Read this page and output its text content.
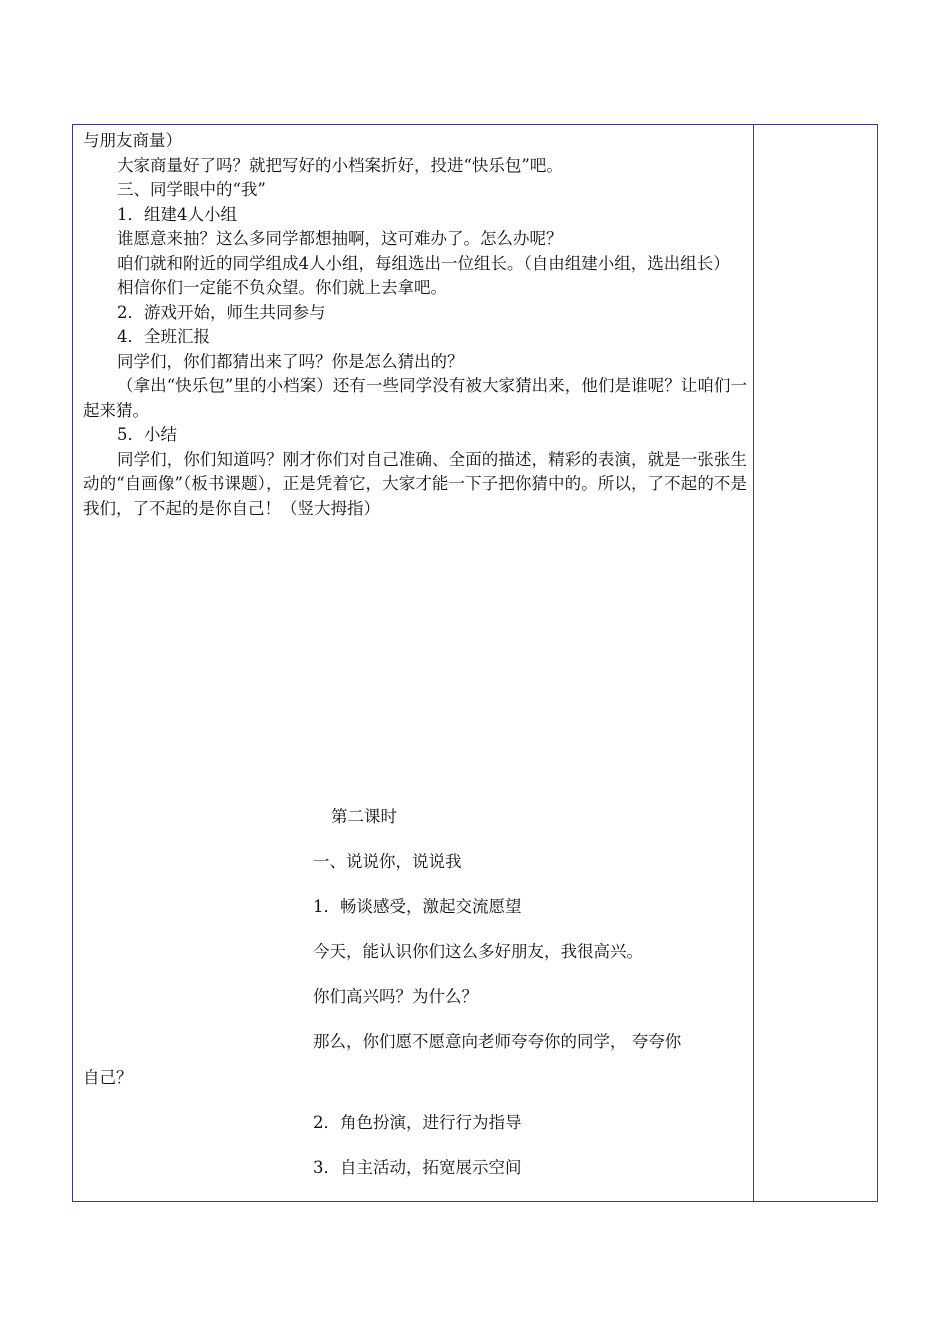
与朋友商量）
大家商量好了吗？就把写好的小档案折好，投进“快乐包”吧。
三、同学眼中的“我”
1．组建4人小组
谁愿意来抽？这么多同学都想抽啊，这可难办了。怎么办呢？
咱们就和附近的同学组成4人小组，每组选出一位组长。（自由组建小组，选出组长）
相信你们一定能不负众望。你们就上去拿吧。
2．游戏开始，师生共同参与
4．全班汇报
同学们，你们都猜出来了吗？你是怎么猜出的？
（拿出“快乐包”里的小档案）还有一些同学没有被大家猜出来，他们是谁呢？让咱们一起来猜。
5．小结
同学们，你们知道吗？刚才你们对自己准确、全面的描述，精彩的表演，就是一张张生动的“自画像”（板书课题），正是凭着它，大家才能一下子把你猜中的。所以，了不起的不是我们，了不起的是你自己！（竖大拇指）
第二课时
一、说说你，说说我
1．畅谈感受，激起交流愿望
今天，能认识你们这么多好朋友，我很高兴。
你们高兴吗？为什么？
那么，你们愿不愿意向老师夸夸你的同学， 夸夸你
自己？
2．角色扮演，进行行为指导
3．自主活动，拓宽展示空间
